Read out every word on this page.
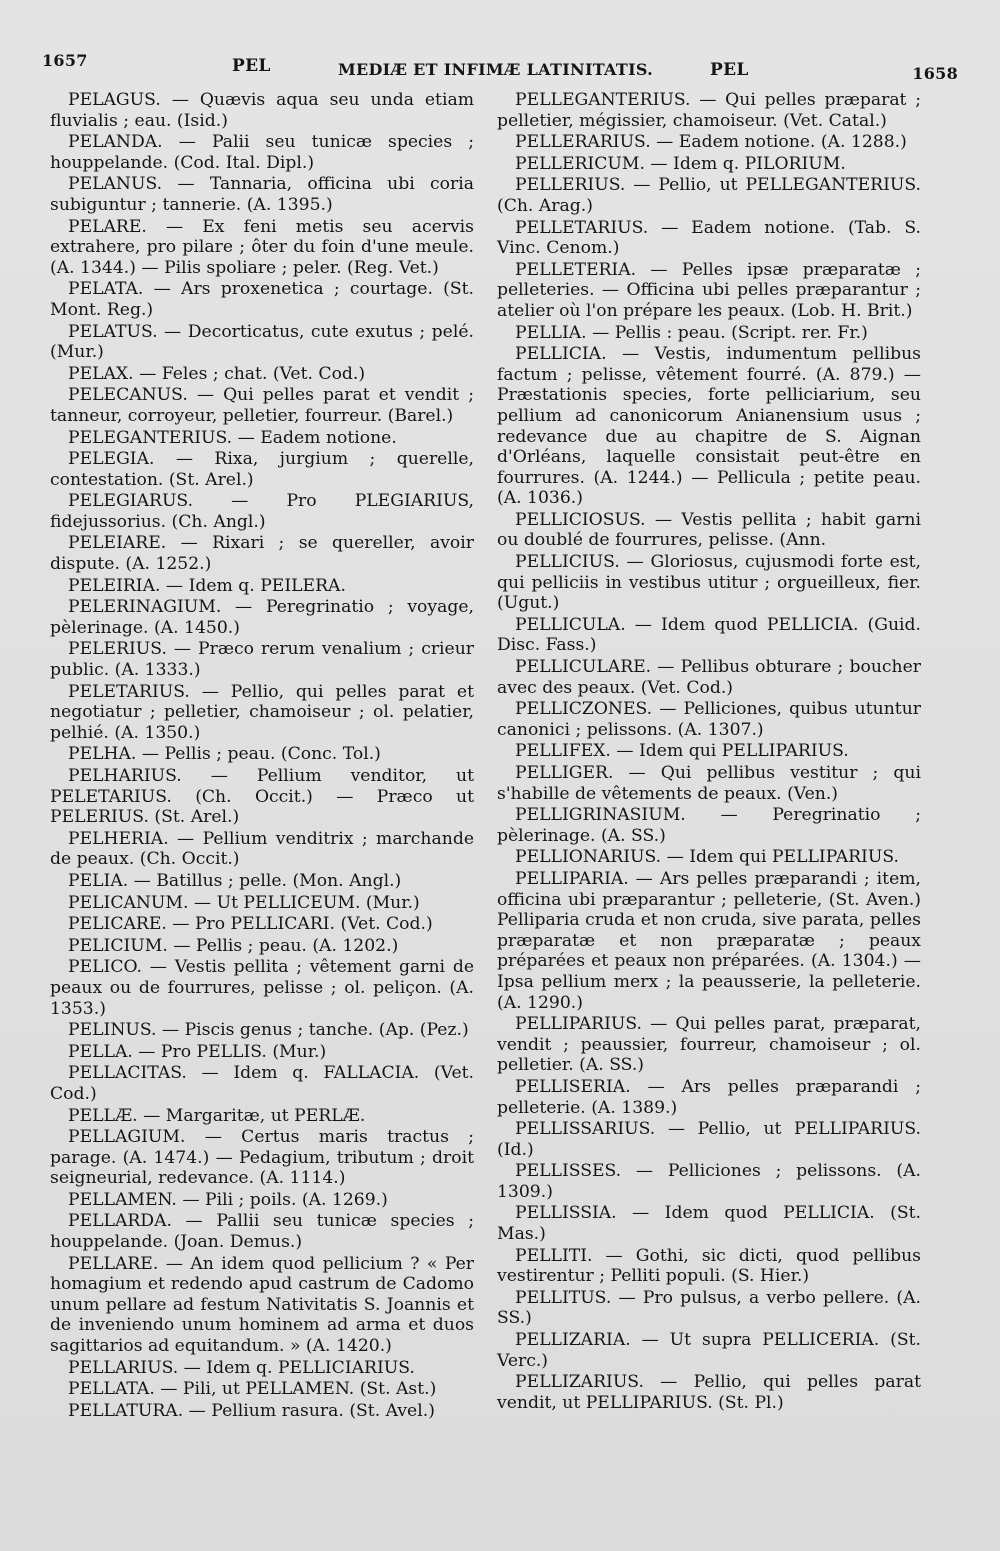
1657	PEL	MEDIÆ ET INFIMÆ LATINITATIS.	PEL	1658

PELAGUS. — Quævis aqua seu unda etiam fluvialis ; eau. (Isid.)

PELANDA. — Palii seu tunicæ species ; houppelande. (Cod. Ital. Dipl.)

PELANUS. — Tannaria, officina ubi coria subiguntur ; tannerie. (A. 1395.)

PELARE. — Ex feni metis seu acervis extrahere, pro pilare ; ôter du foin d'une meule. (A. 1344.) — Pilis spoliare ; peler. (Reg. Vet.)

PELATA. — Ars proxenetica ; courtage. (St. Mont. Reg.)

PELATUS. — Decorticatus, cute exutus ; pelé. (Mur.)

PELAX. — Feles ; chat. (Vet. Cod.)

PELECANUS. — Qui pelles parat et vendit ; tanneur, corroyeur, pelletier, fourreur. (Barel.)

PELEGANTERIUS. — Eadem notione.

PELEGIA. — Rixa, jurgium ; querelle, contestation. (St. Arel.)

PELEGIARUS. — Pro PLEGIARIUS, fidejussorius. (Ch. Angl.)

PELEIARE. — Rixari ; se quereller, avoir dispute. (A. 1252.)

PELEIRIA. — Idem q. PEILERA.

PELERINAGIUM. — Peregrinatio ; voyage, pèlerinage. (A. 1450.)

PELERIUS. — Præco rerum venalium ; crieur public. (A. 1333.)

PELETARIUS. — Pellio, qui pelles parat et negotiatur ; pelletier, chamoiseur ; ol. pelatier, pelhié. (A. 1350.)

PELHA. — Pellis ; peau. (Conc. Tol.)

PELHARIUS. — Pellium venditor, ut PELETARIUS. (Ch. Occit.) — Præco ut PELERIUS. (St. Arel.)

PELHERIA. — Pellium venditrix ; marchande de peaux. (Ch. Occit.)

PELIA. — Batillus ; pelle. (Mon. Angl.)

PELICANUM. — Ut PELLICEUM. (Mur.)

PELICARE. — Pro PELLICARI. (Vet. Cod.)

PELICIUM. — Pellis ; peau. (A. 1202.)

PELICO. — Vestis pellita ; vêtement garni de peaux ou de fourrures, pelisse ; ol. peliçon. (A. 1353.)

PELINUS. — Piscis genus ; tanche. (Ap. (Pez.)

PELLA. — Pro PELLIS. (Mur.)

PELLACITAS. — Idem q. FALLACIA. (Vet. Cod.)

PELLÆ. — Margaritæ, ut PERLÆ.

PELLAGIUM. — Certus maris tractus ; parage. (A. 1474.) — Pedagium, tributum ; droit seigneurial, redevance. (A. 1114.)

PELLAMEN. — Pili ; poils. (A. 1269.)

PELLARDA. — Pallii seu tunicæ species ; houppelande. (Joan. Demus.)

PELLARE. — An idem quod pellicium ? « Per homagium et redendo apud castrum de Cadomo unum pellare ad festum Nativitatis S. Joannis et de inveniendo unum hominem ad arma et duos sagittarios ad equitandum. » (A. 1420.)

PELLARIUS. — Idem q. PELLICIARIUS.

PELLATA. — Pili, ut PELLAMEN. (St. Ast.)

PELLATURA. — Pellium rasura. (St. Avel.)

PELLEGANTERIUS. — Qui pelles præparat ; pelletier, mégissier, chamoiseur. (Vet. Catal.)

PELLERARIUS. — Eadem notione. (A. 1288.)

PELLERICUM. — Idem q. PILORIUM.

PELLERIUS. — Pellio, ut PELLEGANTERIUS. (Ch. Arag.)

PELLETARIUS. — Eadem notione. (Tab. S. Vinc. Cenom.)

PELLETERIA. — Pelles ipsæ præparatæ ; pelleteries. — Officina ubi pelles præparantur ; atelier où l'on prépare les peaux. (Lob. H. Brit.)

PELLIA. — Pellis : peau. (Script. rer. Fr.)

PELLICIA. — Vestis, indumentum pellibus factum ; pelisse, vêtement fourré. (A. 879.) — Præstationis species, forte pelliciarium, seu pellium ad canonicorum Anianensium usus ; redevance due au chapitre de S. Aignan d'Orléans, laquelle consistait peut-être en fourrures. (A. 1244.) — Pellicula ; petite peau. (A. 1036.)

PELLICIOSUS. — Vestis pellita ; habit garni ou doublé de fourrures, pelisse. (Ann.

PELLICIUS. — Gloriosus, cujusmodi forte est, qui pelliciis in vestibus utitur ; orgueilleux, fier. (Ugut.)

PELLICULA. — Idem quod PELLICIA. (Guid. Disc. Fass.)

PELLICULARE. — Pellibus obturare ; boucher avec des peaux. (Vet. Cod.)

PELLICZONES. — Pelliciones, quibus utuntur canonici ; pelissons. (A. 1307.)

PELLIFEX. — Idem qui PELLIPARIUS.

PELLIGER. — Qui pellibus vestitur ; qui s'habille de vêtements de peaux. (Ven.)

PELLIGRINASIUM. — Peregrinatio ; pèlerinage. (A. SS.)

PELLIONARIUS. — Idem qui PELLIPARIUS.

PELLIPARIA. — Ars pelles præparandi ; item, officina ubi præparantur ; pelleterie, (St. Aven.) Pelliparia cruda et non cruda, sive parata, pelles præparatæ et non præparatæ ; peaux préparées et peaux non préparées. (A. 1304.) — Ipsa pellium merx ; la peausserie, la pelleterie. (A. 1290.)

PELLIPARIUS. — Qui pelles parat, præparat, vendit ; peaussier, fourreur, chamoiseur ; ol. pelletier. (A. SS.)

PELLISERIA. — Ars pelles præparandi ; pelleterie. (A. 1389.)

PELLISSARIUS. — Pellio, ut PELLIPARIUS. (Id.)

PELLISSES. — Pelliciones ; pelissons. (A. 1309.)

PELLISSIA. — Idem quod PELLICIA. (St. Mas.)

PELLITI. — Gothi, sic dicti, quod pellibus vestirentur ; Pelliti populi. (S. Hier.)

PELLITUS. — Pro pulsus, a verbo pellere. (A. SS.)

PELLIZARIA. — Ut supra PELLICERIA. (St. Verc.)

PELLIZARIUS. — Pellio, qui pelles parat vendit, ut PELLIPARIUS. (St. Pl.)
